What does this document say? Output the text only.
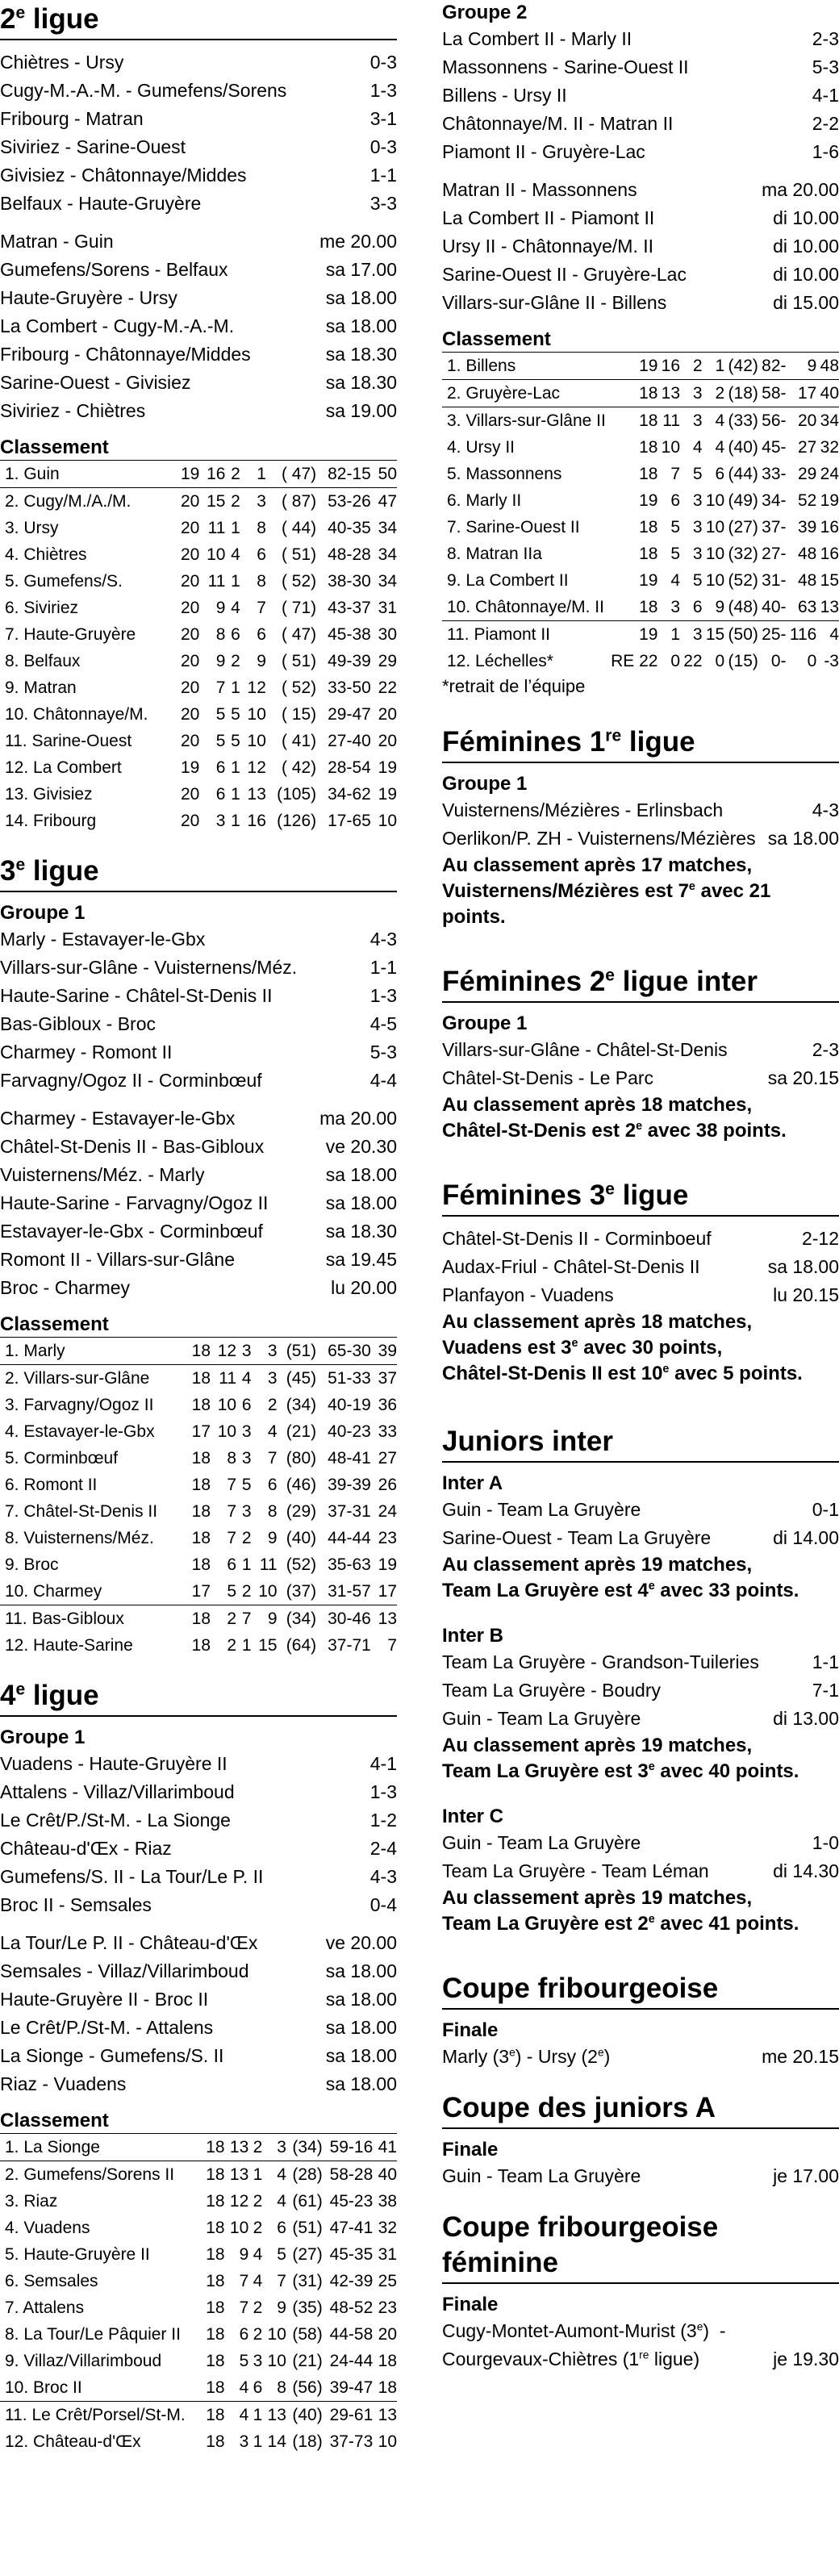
2e ligue
Chiètres - Ursy	0-3
Cugy-M.-A.-M. - Gumefens/Sorens	1-3
Fribourg - Matran	3-1
Siviriez - Sarine-Ouest	0-3
Givisiez - Châtonnaye/Middes	1-1
Belfaux - Haute-Gruyère	3-3
Matran - Guin	me 20.00
Gumefens/Sorens - Belfaux	sa 17.00
Haute-Gruyère - Ursy	sa 18.00
La Combert - Cugy-M.-A.-M.	sa 18.00
Fribourg - Châtonnaye/Middes	sa 18.30
Sarine-Ouest - Givisiez	sa 18.30
Siviriez - Chiètres	sa 19.00
Classement
1. Guin	19	16	2	1	( 47)	82-15	50
2. Cugy/M./A./M.	20	15	2	3	( 87)	53-26	47
3. Ursy	20	11	1	8	( 44)	40-35	34
4. Chiètres	20	10	4	6	( 51)	48-28	34
5. Gumefens/S.	20	11	1	8	( 52)	38-30	34
6. Siviriez	20	9	4	7	( 71)	43-37	31
7. Haute-Gruyère	20	8	6	6	( 47)	45-38	30
8. Belfaux	20	9	2	9	( 51)	49-39	29
9. Matran	20	7	1	12	( 52)	33-50	22
10. Châtonnaye/M.	20	5	5	10	( 15)	29-47	20
11. Sarine-Ouest	20	5	5	10	( 41)	27-40	20
12. La Combert	19	6	1	12	( 42)	28-54	19
13. Givisiez	20	6	1	13	(105)	34-62	19
14. Fribourg	20	3	1	16	(126)	17-65	10
3e ligue
Groupe 1
Marly - Estavayer-le-Gbx	4-3
Villars-sur-Glâne - Vuisternens/Méz.	1-1
Haute-Sarine - Châtel-St-Denis II	1-3
Bas-Gibloux - Broc	4-5
Charmey - Romont II	5-3
Farvagny/Ogoz II - Corminbœuf	4-4
Charmey - Estavayer-le-Gbx	ma 20.00
Châtel-St-Denis II - Bas-Gibloux	ve 20.30
Vuisternens/Méz. - Marly	sa 18.00
Haute-Sarine - Farvagny/Ogoz II	sa 18.00
Estavayer-le-Gbx - Corminbœuf	sa 18.30
Romont II - Villars-sur-Glâne	sa 19.45
Broc - Charmey	lu 20.00
Classement
1. Marly	18	12	3	3	(51)	65-30	39
2. Villars-sur-Glâne	18	11	4	3	(45)	51-33	37
3. Farvagny/Ogoz II	18	10	6	2	(34)	40-19	36
4. Estavayer-le-Gbx	17	10	3	4	(21)	40-23	33
5. Corminbœuf	18	8	3	7	(80)	48-41	27
6. Romont II	18	7	5	6	(46)	39-39	26
7. Châtel-St-Denis II	18	7	3	8	(29)	37-31	24
8. Vuisternens/Méz.	18	7	2	9	(40)	44-44	23
9. Broc	18	6	1	11	(52)	35-63	19
10. Charmey	17	5	2	10	(37)	31-57	17
11. Bas-Gibloux	18	2	7	9	(34)	30-46	13
12. Haute-Sarine	18	2	1	15	(64)	37-71	7
4e ligue
Groupe 1
Vuadens - Haute-Gruyère II	4-1
Attalens - Villaz/Villarimboud	1-3
Le Crêt/P./St-M. - La Sionge	1-2
Château-d'Œx - Riaz	2-4
Gumefens/S. II - La Tour/Le P. II	4-3
Broc II - Semsales	0-4
La Tour/Le P. II - Château-d'Œx	ve 20.00
Semsales - Villaz/Villarimboud	sa 18.00
Haute-Gruyère II - Broc II	sa 18.00
Le Crêt/P./St-M. - Attalens	sa 18.00
La Sionge - Gumefens/S. II	sa 18.00
Riaz - Vuadens	sa 18.00
Classement
1. La Sionge	18	13	2	3	(34)	59-16	41
2. Gumefens/Sorens II	18	13	1	4	(28)	58-28	40
3. Riaz	18	12	2	4	(61)	45-23	38
4. Vuadens	18	10	2	6	(51)	47-41	32
5. Haute-Gruyère II	18	9	4	5	(27)	45-35	31
6. Semsales	18	7	4	7	(31)	42-39	25
7. Attalens	18	7	2	9	(35)	48-52	23
8. La Tour/Le Pâquier II	18	6	2	10	(58)	44-58	20
9. Villaz/Villarimboud	18	5	3	10	(21)	24-44	18
10. Broc II	18	4	6	8	(56)	39-47	18
11. Le Crêt/Porsel/St-M.	18	4	1	13	(40)	29-61	13
12. Château-d'Œx	18	3	1	14	(18)	37-73	10
Groupe 2
La Combert II - Marly II	2-3
Massonnens - Sarine-Ouest II	5-3
Billens - Ursy II	4-1
Châtonnaye/M. II - Matran II	2-2
Piamont II - Gruyère-Lac	1-6
Matran II - Massonnens	ma 20.00
La Combert II - Piamont II	di 10.00
Ursy II - Châtonnaye/M. II	di 10.00
Sarine-Ouest II - Gruyère-Lac	di 10.00
Villars-sur-Glâne II - Billens	di 15.00
Classement
1. Billens	19	16	2	1	(42)	82-	9	48
2. Gruyère-Lac	18	13	3	2	(18)	58-	17	40
3. Villars-sur-Glâne II	18	11	3	4	(33)	56-	20	34
4. Ursy II	18	10	4	4	(40)	45-	27	32
5. Massonnens	18	7	5	6	(44)	33-	29	24
6. Marly II	19	6	3	10	(49)	34-	52	19
7. Sarine-Ouest II	18	5	3	10	(27)	37-	39	16
8. Matran IIa	18	5	3	10	(32)	27-	48	16
9. La Combert II	19	4	5	10	(52)	31-	48	15
10. Châtonnaye/M. II	18	3	6	9	(48)	40-	63	13
11. Piamont II	19	1	3	15	(50)	25-	116	4
12. Léchelles*	RE 22	0	22	0	(15)	0-	0	-3
*retrait de l’équipe
Féminines 1re ligue
Groupe 1
Vuisternens/Mézières - Erlinsbach	4-3
Oerlikon/P. ZH - Vuisternens/Mézières sa 18.00
Au classement après 17 matches,
Vuisternens/Mézières est 7e avec 21 points.
Féminines 2e ligue inter
Groupe 1
Villars-sur-Glâne - Châtel-St-Denis	2-3
Châtel-St-Denis - Le Parc	sa 20.15
Au classement après 18 matches,
Châtel-St-Denis est 2e avec 38 points.
Féminines 3e ligue
Châtel-St-Denis II - Corminboeuf	2-12
Audax-Friul - Châtel-St-Denis II	sa 18.00
Planfayon - Vuadens	lu 20.15
Au classement après 18 matches,
Vuadens est 3e avec 30 points,
Châtel-St-Denis II est 10e avec 5 points.
Juniors inter
Inter A
Guin - Team La Gruyère	0-1
Sarine-Ouest - Team La Gruyère	di 14.00
Au classement après 19 matches,
Team La Gruyère est 4e avec 33 points.
Inter B
Team La Gruyère - Grandson-Tuileries	1-1
Team La Gruyère - Boudry	7-1
Guin - Team La Gruyère	di 13.00
Au classement après 19 matches,
Team La Gruyère est 3e avec 40 points.
Inter C
Guin - Team La Gruyère	1-0
Team La Gruyère - Team Léman	di 14.30
Au classement après 19 matches,
Team La Gruyère est 2e avec 41 points.
Coupe fribourgeoise
Finale
Marly (3e) - Ursy (2e)	me 20.15
Coupe des juniors A
Finale
Guin - Team La Gruyère	je 17.00
Coupe fribourgeoise féminine
Finale
Cugy-Montet-Aumont-Murist (3e)  -
Courgevaux-Chiètres (1re ligue)	je 19.30
